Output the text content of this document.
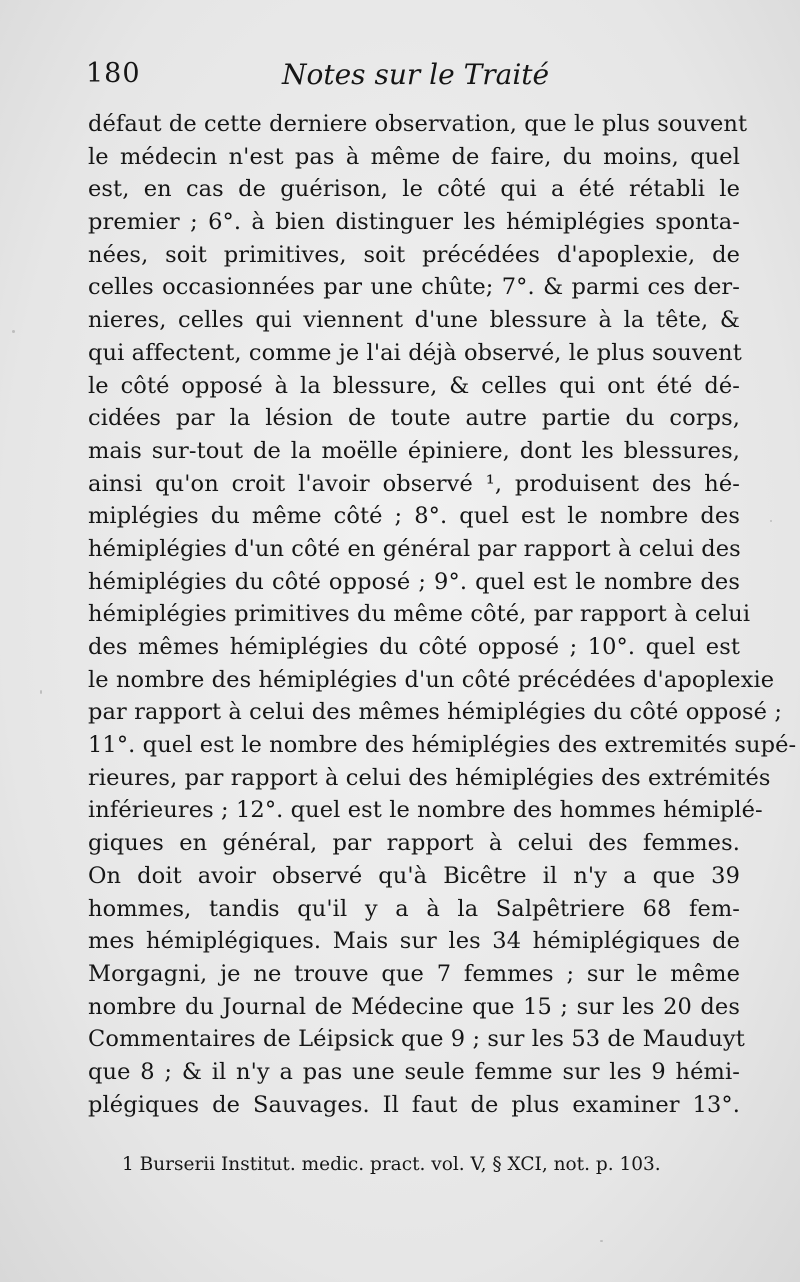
180	Notes sur le Traité
défaut de cette derniere observation, que le plus souvent
le médecin n'est pas à même de faire, du moins, quel
est, en cas de guérison, le côté qui a été rétabli le
premier ; 6°. à bien distinguer les hémiplégies sponta-
nées, soit primitives, soit précédées d'apoplexie, de
celles occasionnées par une chûte; 7°. & parmi ces der-
nieres, celles qui viennent d'une blessure à la tête, &
qui affectent, comme je l'ai déjà observé, le plus souvent
le côté opposé à la blessure, & celles qui ont été dé-
cidées par la lésion de toute autre partie du corps,
mais sur-tout de la moëlle épiniere, dont les blessures,
ainsi qu'on croit l'avoir observé ¹, produisent des hé-
miplégies du même côté ; 8°. quel est le nombre des
hémiplégies d'un côté en général par rapport à celui des
hémiplégies du côté opposé ; 9°. quel est le nombre des
hémiplégies primitives du même côté, par rapport à celui
des mêmes hémiplégies du côté opposé ; 10°. quel est
le nombre des hémiplégies d'un côté précédées d'apoplexie
par rapport à celui des mêmes hémiplégies du côté opposé ;
11°. quel est le nombre des hémiplégies des extremités supé-
rieures, par rapport à celui des hémiplégies des extrémités
inférieures ; 12°. quel est le nombre des hommes hémiplé-
giques en général, par rapport à celui des femmes.
On doit avoir observé qu'à Bicêtre il n'y a que 39
hommes, tandis qu'il y a à la Salpêtriere 68 fem-
mes hémiplégiques. Mais sur les 34 hémiplégiques de
Morgagni, je ne trouve que 7 femmes ; sur le même
nombre du Journal de Médecine que 15 ; sur les 20 des
Commentaires de Léipsick que 9 ; sur les 53 de Mauduyt
que 8 ; & il n'y a pas une seule femme sur les 9 hémi-
plégiques de Sauvages. Il faut de plus examiner 13°.
1 Burserii Institut. medic. pract. vol. V, § XCI, not. p. 103.
